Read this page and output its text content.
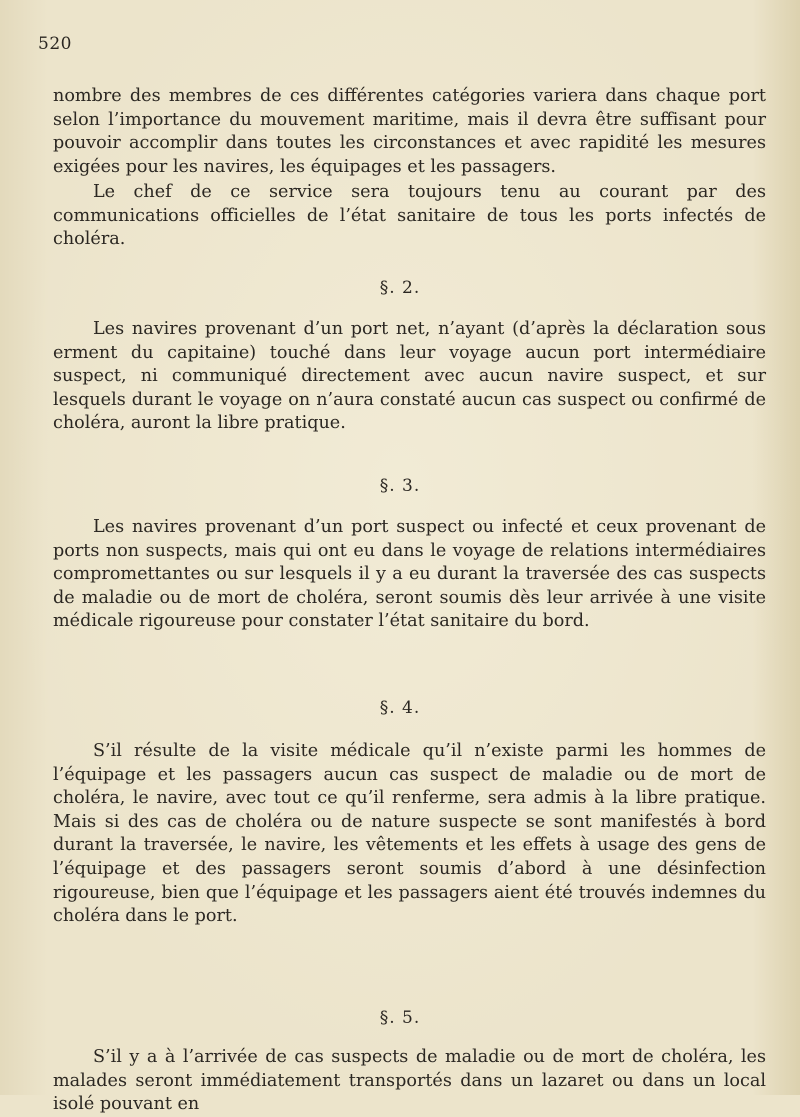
520

nombre des membres de ces différentes catégories variera dans chaque port selon l’importance du mouvement maritime, mais il devra être suffisant pour pouvoir accomplir dans toutes les circonstances et avec rapidité les mesures exigées pour les navires, les équipages et les passagers.

Le chef de ce service sera toujours tenu au courant par des communications officielles de l’état sanitaire de tous les ports infectés de choléra.

§. 2.

Les navires provenant d’un port net, n’ayant (d’après la déclaration sous erment du capitaine) touché dans leur voyage aucun port intermédiaire suspect, ni communiqué directement avec aucun navire suspect, et sur lesquels durant le voyage on n’aura constaté aucun cas suspect ou confirmé de choléra, auront la libre pratique.

§. 3.

Les navires provenant d’un port suspect ou infecté et ceux provenant de ports non suspects, mais qui ont eu dans le voyage de relations intermédiaires compromettantes ou sur lesquels il y a eu durant la traversée des cas suspects de maladie ou de mort de choléra, seront soumis dès leur arrivée à une visite médicale rigoureuse pour constater l’état sanitaire du bord.

§. 4.

S’il résulte de la visite médicale qu’il n’existe parmi les hommes de l’équipage et les passagers aucun cas suspect de maladie ou de mort de choléra, le navire, avec tout ce qu’il renferme, sera admis à la libre pratique. Mais si des cas de choléra ou de nature suspecte se sont manifestés à bord durant la traversée, le navire, les vêtements et les effets à usage des gens de l’équipage et des passagers seront soumis d’abord à une désinfection rigoureuse, bien que l’équipage et les passagers aient été trouvés indemnes du choléra dans le port.

§. 5.

S’il y a à l’arrivée de cas suspects de maladie ou de mort de choléra, les malades seront immédiatement transportés dans un lazaret ou dans un local isolé pouvant en
